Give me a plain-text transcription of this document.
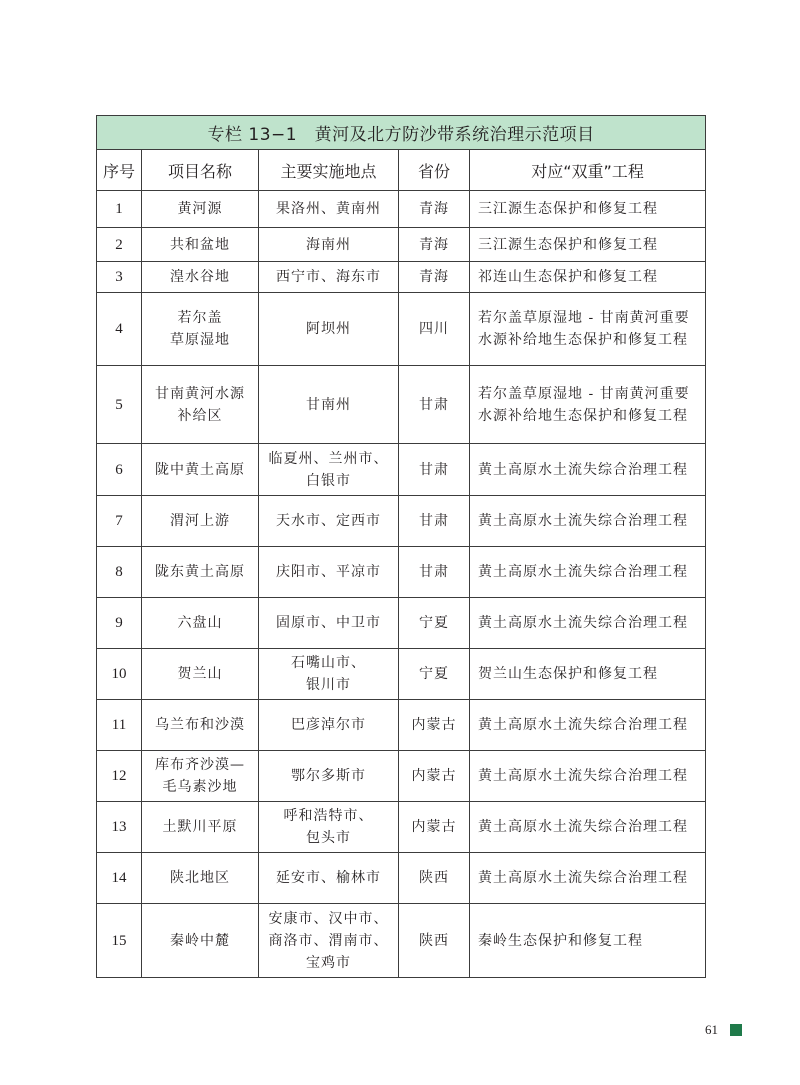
专栏 13−1　黄河及北方防沙带系统治理示范项目				
序号	项目名称	主要实施地点	省份	对应“双重”工程
1	黄河源	果洛州、黄南州	青海	三江源生态保护和修复工程
2	共和盆地	海南州	青海	三江源生态保护和修复工程
3	湟水谷地	西宁市、海东市	青海	祁连山生态保护和修复工程
4	若尔盖
草原湿地	阿坝州	四川	若尔盖草原湿地 - 甘南黄河重要水源补给地生态保护和修复工程
5	甘南黄河水源
补给区	甘南州	甘肃	若尔盖草原湿地 - 甘南黄河重要水源补给地生态保护和修复工程
6	陇中黄土高原	临夏州、兰州市、
白银市	甘肃	黄土高原水土流失综合治理工程
7	渭河上游	天水市、定西市	甘肃	黄土高原水土流失综合治理工程
8	陇东黄土高原	庆阳市、平凉市	甘肃	黄土高原水土流失综合治理工程
9	六盘山	固原市、中卫市	宁夏	黄土高原水土流失综合治理工程
10	贺兰山	石嘴山市、
银川市	宁夏	贺兰山生态保护和修复工程
11	乌兰布和沙漠	巴彦淖尔市	内蒙古	黄土高原水土流失综合治理工程
12	库布齐沙漠—
毛乌素沙地	鄂尔多斯市	内蒙古	黄土高原水土流失综合治理工程
13	土默川平原	呼和浩特市、
包头市	内蒙古	黄土高原水土流失综合治理工程
14	陕北地区	延安市、榆林市	陕西	黄土高原水土流失综合治理工程
15	秦岭中麓	安康市、汉中市、
商洛市、渭南市、
宝鸡市	陕西	秦岭生态保护和修复工程
61
